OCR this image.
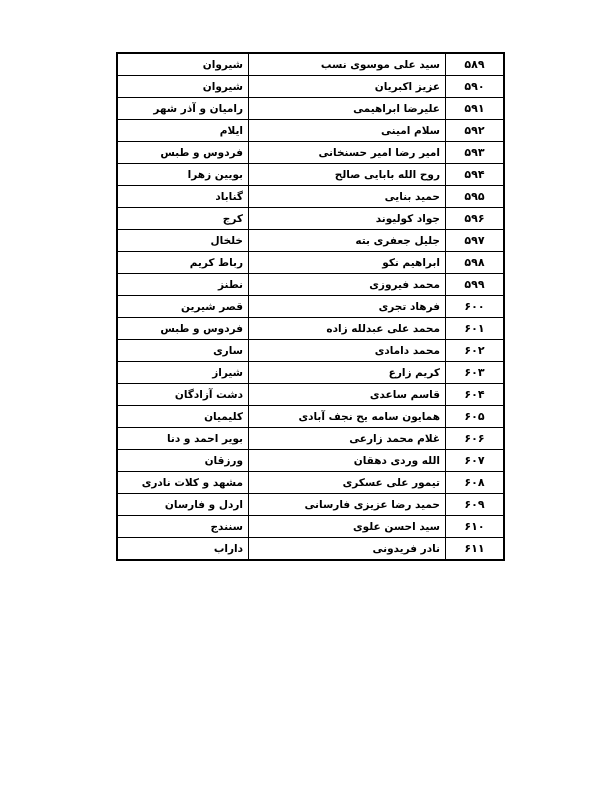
۵۸۹	سید علی موسوی نسب	شیروان
۵۹۰	عزیز اکبریان	شیروان
۵۹۱	علیرضا ابراهیمی	رامیان و آذر شهر
۵۹۲	سلام امینی	ایلام
۵۹۳	امیر رضا امیر حسنخانی	فردوس و طبس
۵۹۴	روح الله بابایی صالح	بویین زهرا
۵۹۵	حمید بنایی	گناباد
۵۹۶	جواد کولیوند	کرج
۵۹۷	جلیل جعفری بته	خلخال
۵۹۸	ابراهیم نکو	رباط کریم
۵۹۹	محمد فیروزی	نطنز
۶۰۰	فرهاد تجری	قصر شیرین
۶۰۱	محمد علی عبدلله زاده	فردوس و طبس
۶۰۲	محمد دامادی	ساری
۶۰۳	کریم زارع	شیراز
۶۰۴	قاسم ساعدی	دشت آزادگان
۶۰۵	همایون سامه یح نجف آبادی	کلیمیان
۶۰۶	غلام محمد زارعی	بویر احمد و دنا
۶۰۷	الله وردی دهقان	ورزقان
۶۰۸	تیمور علی عسکری	مشهد و کلات نادری
۶۰۹	حمید رضا عزیزی فارسانی	اردل و فارسان
۶۱۰	سید احسن علوی	سنندج
۶۱۱	نادر فریدونی	داراب
